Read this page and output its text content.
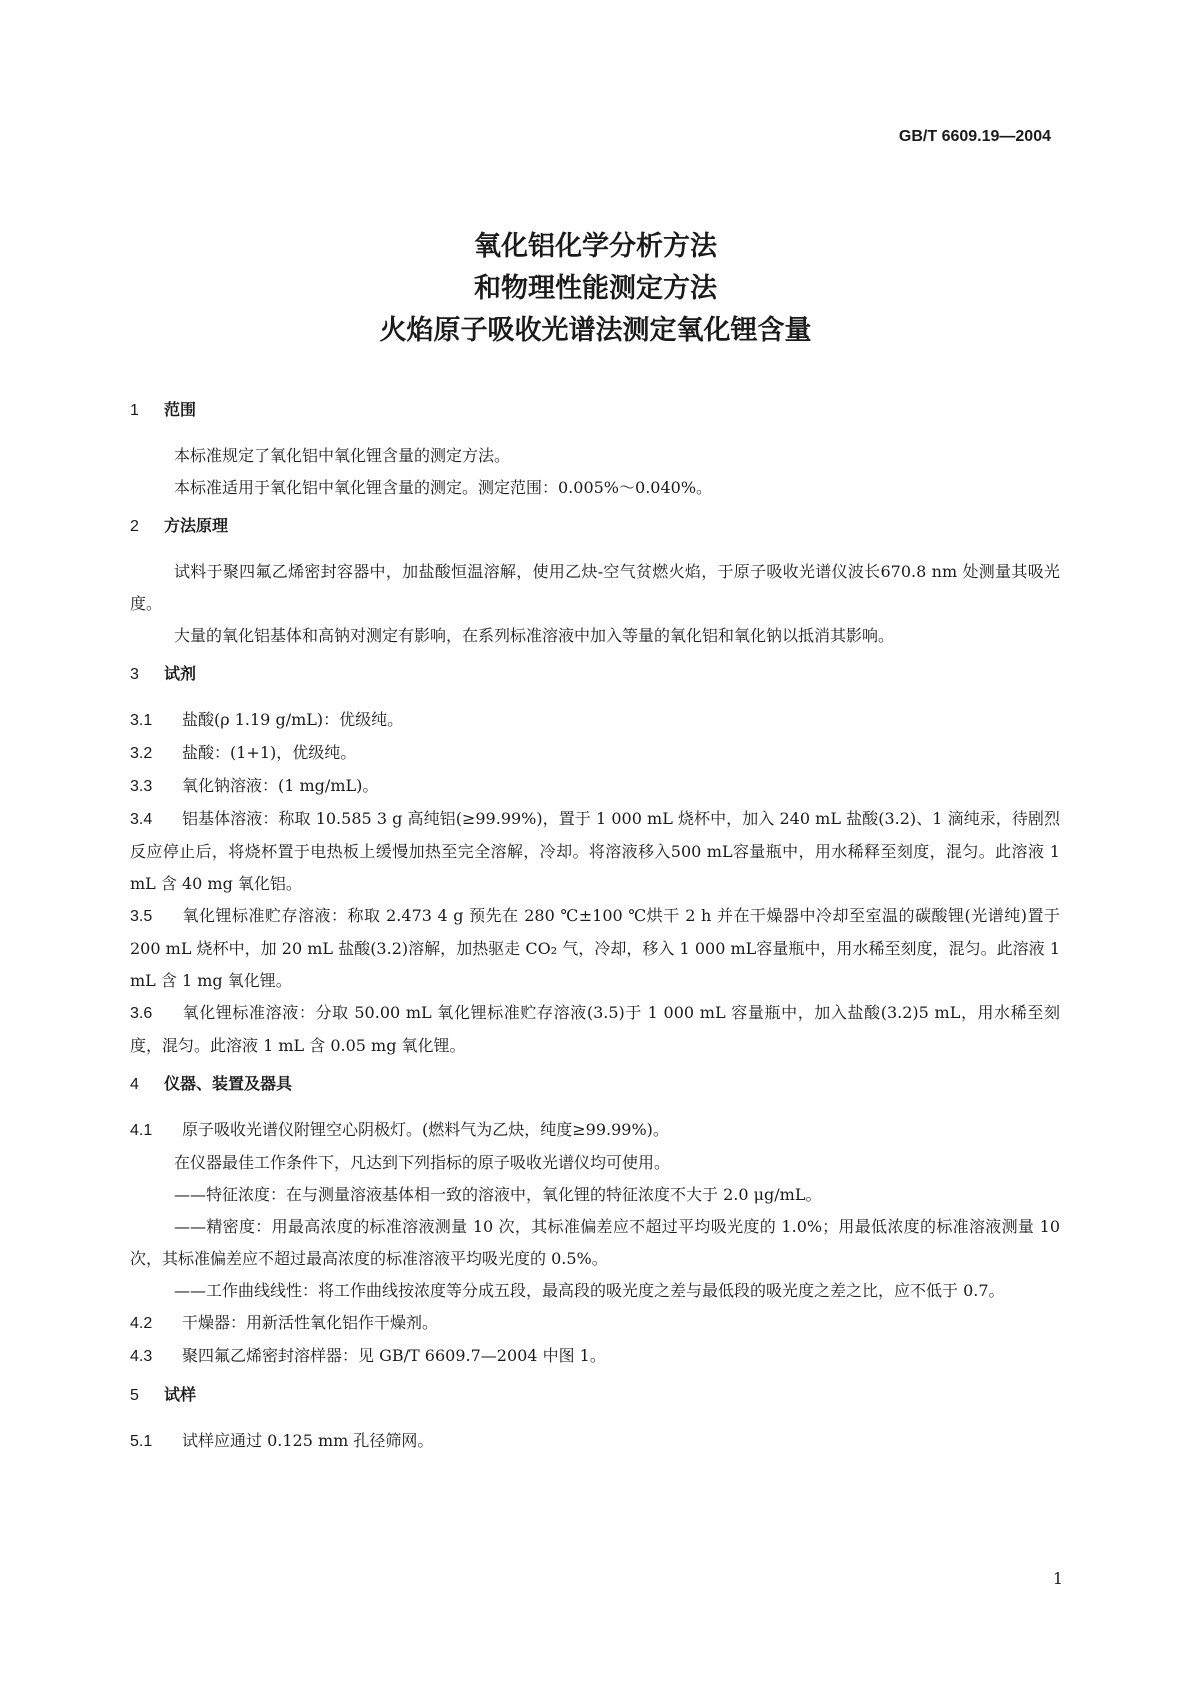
GB/T 6609.19—2004
氧化铝化学分析方法
和物理性能测定方法
火焰原子吸收光谱法测定氧化锂含量
1 范围

本标准规定了氧化铝中氧化锂含量的测定方法。

本标准适用于氧化铝中氧化锂含量的测定。测定范围：0.005%～0.040%。

2 方法原理

试料于聚四氟乙烯密封容器中，加盐酸恒温溶解，使用乙炔-空气贫燃火焰，于原子吸收光谱仪波长670.8 nm 处测量其吸光度。

大量的氧化铝基体和高钠对测定有影响，在系列标准溶液中加入等量的氧化铝和氧化钠以抵消其影响。

3 试剂

3.1 盐酸(ρ 1.19 g/mL)：优级纯。

3.2 盐酸：(1+1)，优级纯。

3.3 氧化钠溶液：(1 mg/mL)。

3.4 铝基体溶液：称取 10.585 3 g 高纯铝(≥99.99%)，置于 1 000 mL 烧杯中，加入 240 mL 盐酸(3.2)、1 滴纯汞，待剧烈反应停止后，将烧杯置于电热板上缓慢加热至完全溶解，冷却。将溶液移入500 mL容量瓶中，用水稀释至刻度，混匀。此溶液 1 mL 含 40 mg 氧化铝。

3.5 氧化锂标准贮存溶液：称取 2.473 4 g 预先在 280 ℃±100 ℃烘干 2 h 并在干燥器中冷却至室温的碳酸锂(光谱纯)置于 200 mL 烧杯中，加 20 mL 盐酸(3.2)溶解，加热驱走 CO₂ 气，冷却，移入 1 000 mL容量瓶中，用水稀至刻度，混匀。此溶液 1 mL 含 1 mg 氧化锂。

3.6 氧化锂标准溶液：分取 50.00 mL 氧化锂标准贮存溶液(3.5)于 1 000 mL 容量瓶中，加入盐酸(3.2)5 mL，用水稀至刻度，混匀。此溶液 1 mL 含 0.05 mg 氧化锂。

4 仪器、装置及器具

4.1 原子吸收光谱仪附锂空心阴极灯。(燃料气为乙炔，纯度≥99.99%)。

在仪器最佳工作条件下，凡达到下列指标的原子吸收光谱仪均可使用。

——特征浓度：在与测量溶液基体相一致的溶液中，氧化锂的特征浓度不大于 2.0 μg/mL。

——精密度：用最高浓度的标准溶液测量 10 次，其标准偏差应不超过平均吸光度的 1.0%；用最低浓度的标准溶液测量 10 次，其标准偏差应不超过最高浓度的标准溶液平均吸光度的 0.5%。

——工作曲线线性：将工作曲线按浓度等分成五段，最高段的吸光度之差与最低段的吸光度之差之比，应不低于 0.7。

4.2 干燥器：用新活性氧化铝作干燥剂。

4.3 聚四氟乙烯密封溶样器：见 GB/T 6609.7—2004 中图 1。

5 试样

5.1 试样应通过 0.125 mm 孔径筛网。

1
